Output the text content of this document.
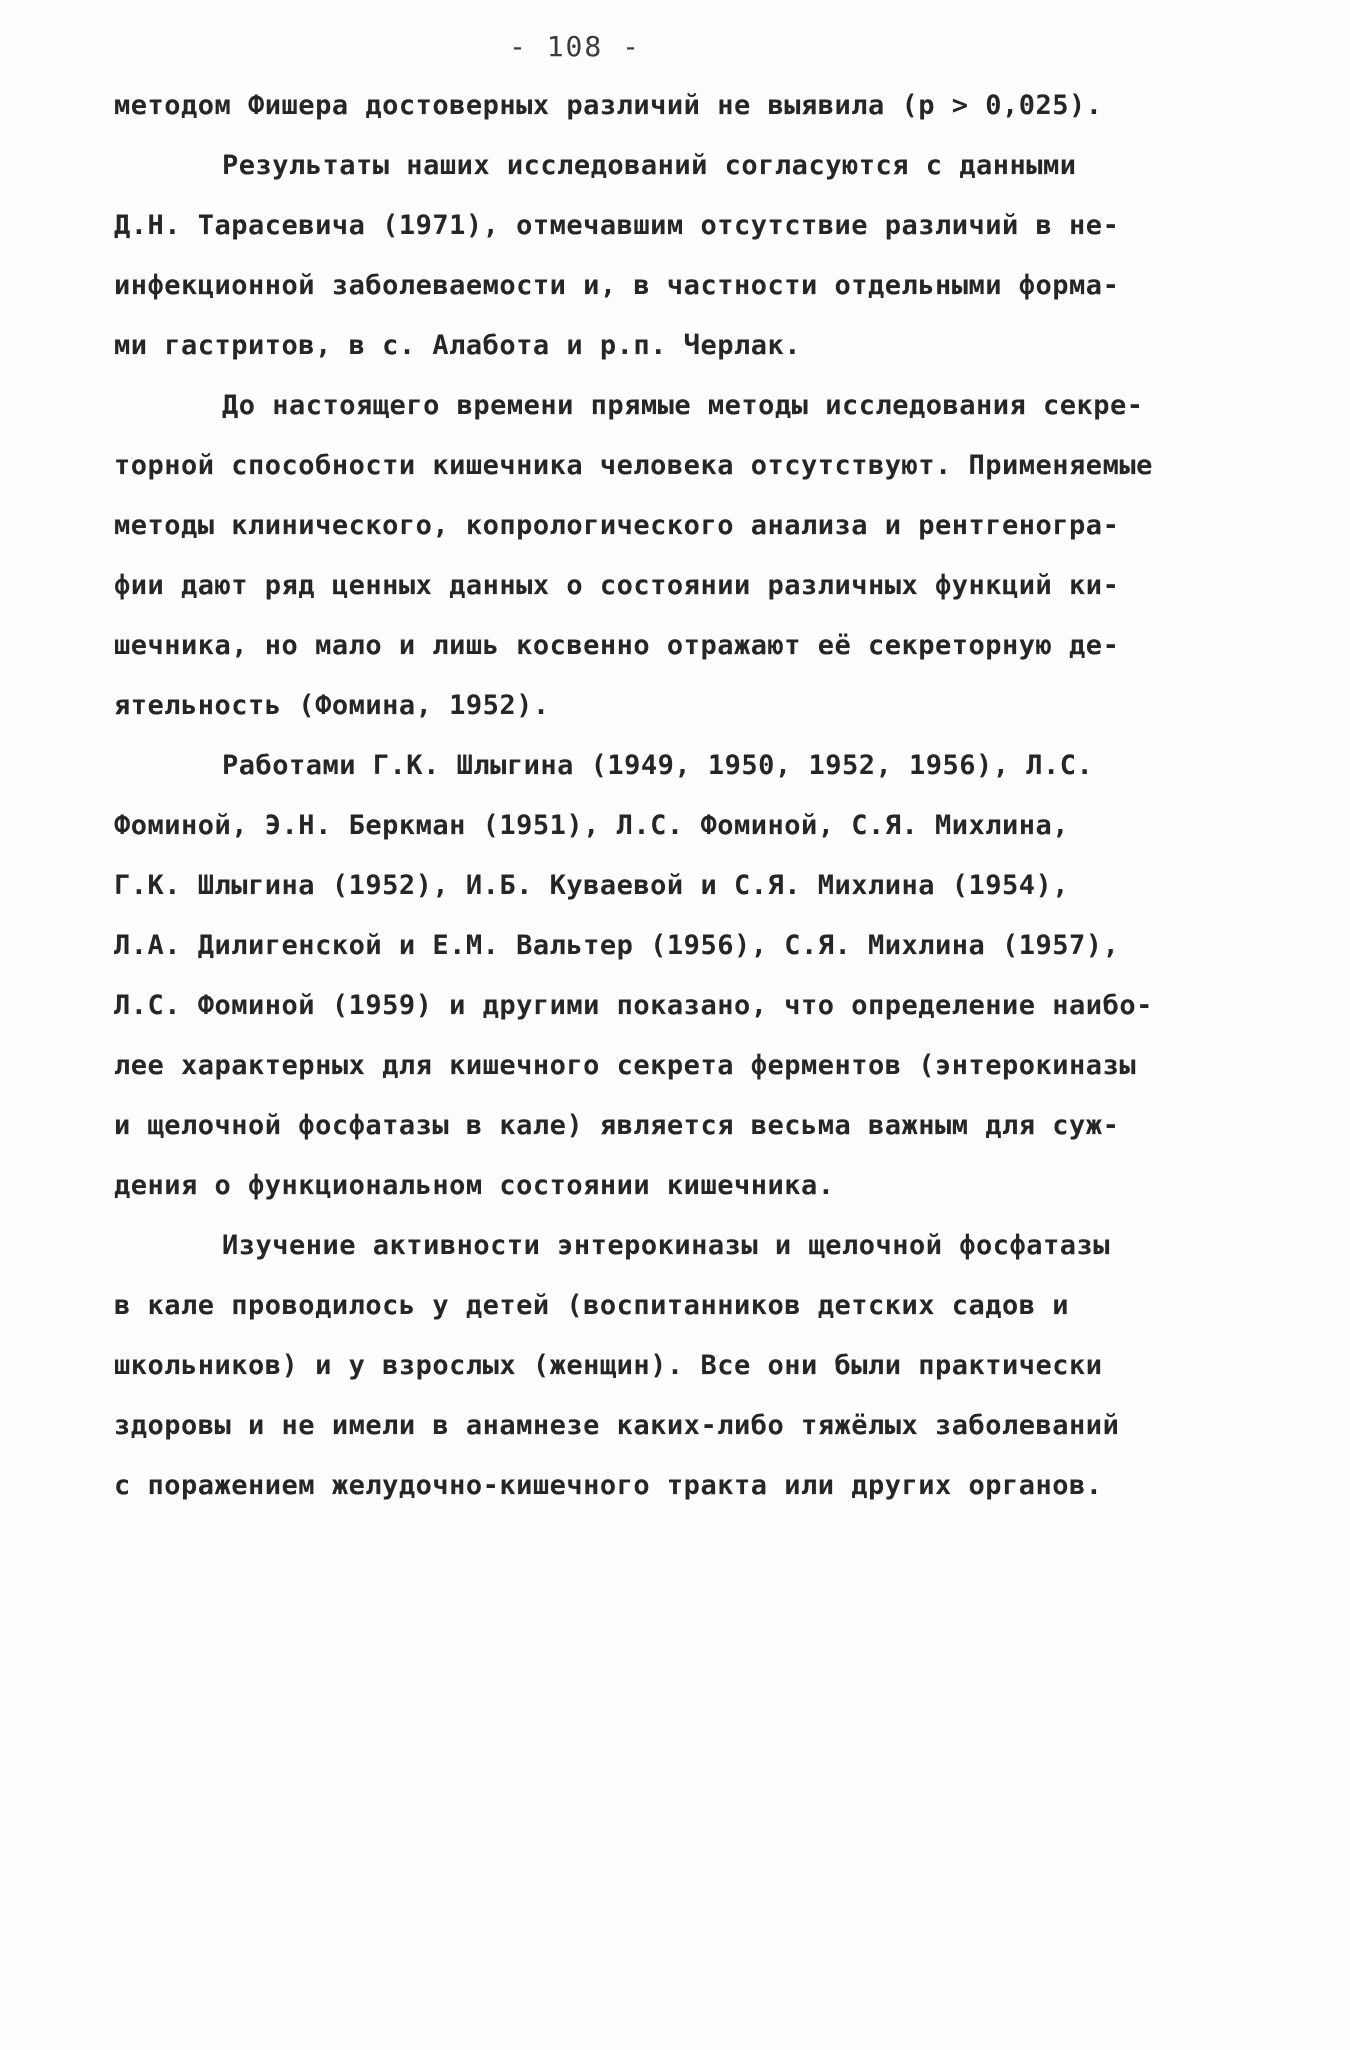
- 108 -
методом Фишера достоверных различий не выявила (р > 0,025).
Результаты наших исследований согласуются с данными
Д.Н. Тарасевича (1971), отмечавшим отсутствие различий в не-
инфекционной заболеваемости и, в частности отдельными форма-
ми гастритов, в с. Алабота и р.п. Черлак.
До настоящего времени прямые методы исследования секре-
торной способности кишечника человека отсутствуют. Применяемые
методы клинического, копрологического анализа и рентгеногра-
фии дают ряд ценных данных о состоянии различных функций ки-
шечника, но мало и лишь косвенно отражают её секреторную де-
ятельность (Фомина, 1952).
Работами Г.К. Шлыгина (1949, 1950, 1952, 1956), Л.С.
Фоминой, Э.Н. Беркман (1951), Л.С. Фоминой, С.Я. Михлина,
Г.К. Шлыгина (1952), И.Б. Куваевой и С.Я. Михлина (1954),
Л.А. Дилигенской и Е.М. Вальтер (1956), С.Я. Михлина (1957),
Л.С. Фоминой (1959) и другими показано, что определение наибо-
лее характерных для кишечного секрета ферментов (энтерокиназы
и щелочной фосфатазы в кале) является весьма важным для суж-
дения о функциональном состоянии кишечника.
Изучение активности энтерокиназы и щелочной фосфатазы
в кале проводилось у детей (воспитанников детских садов и
школьников) и у взрослых (женщин). Все они были практически
здоровы и не имели в анамнезе каких-либо тяжёлых заболеваний
с поражением желудочно-кишечного тракта или других органов.
